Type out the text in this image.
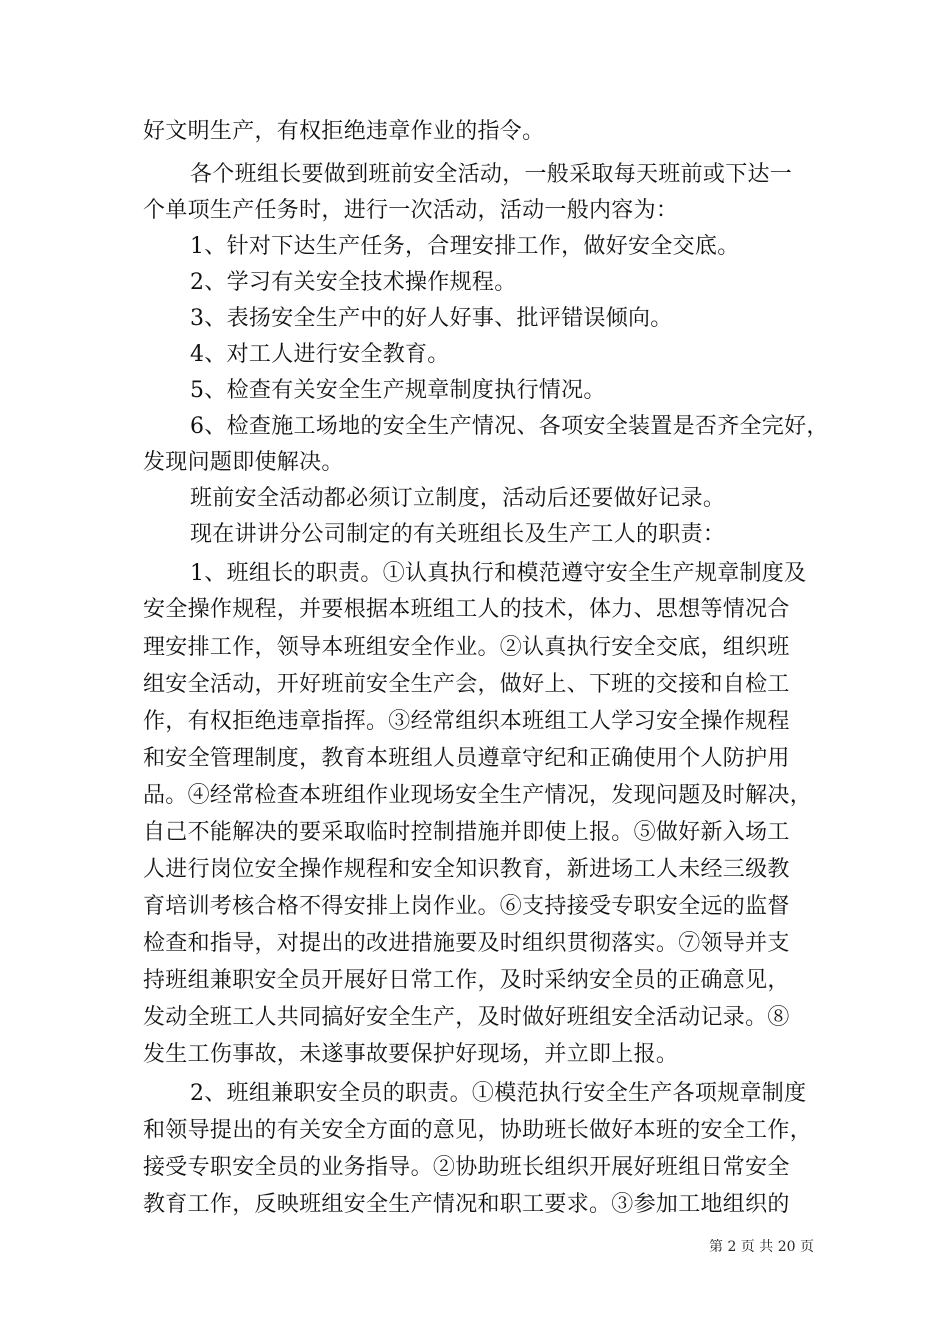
好文明生产，有权拒绝违章作业的指令。
各个班组长要做到班前安全活动，一般采取每天班前或下达一
个单项生产任务时，进行一次活动，活动一般内容为：
1、针对下达生产任务，合理安排工作，做好安全交底。
2、学习有关安全技术操作规程。
3、表扬安全生产中的好人好事、批评错误倾向。
4、对工人进行安全教育。
5、检查有关安全生产规章制度执行情况。
6、检查施工场地的安全生产情况、各项安全装置是否齐全完好，
发现问题即使解决。
班前安全活动都必须订立制度，活动后还要做好记录。
现在讲讲分公司制定的有关班组长及生产工人的职责：
1、班组长的职责。①认真执行和模范遵守安全生产规章制度及
安全操作规程，并要根据本班组工人的技术，体力、思想等情况合
理安排工作，领导本班组安全作业。②认真执行安全交底，组织班
组安全活动，开好班前安全生产会，做好上、下班的交接和自检工
作，有权拒绝违章指挥。③经常组织本班组工人学习安全操作规程
和安全管理制度，教育本班组人员遵章守纪和正确使用个人防护用
品。④经常检查本班组作业现场安全生产情况，发现问题及时解决，
自己不能解决的要采取临时控制措施并即使上报。⑤做好新入场工
人进行岗位安全操作规程和安全知识教育，新进场工人未经三级教
育培训考核合格不得安排上岗作业。⑥支持接受专职安全远的监督
检查和指导，对提出的改进措施要及时组织贯彻落实。⑦领导并支
持班组兼职安全员开展好日常工作，及时采纳安全员的正确意见，
发动全班工人共同搞好安全生产，及时做好班组安全活动记录。⑧
发生工伤事故，未遂事故要保护好现场，并立即上报。
2、班组兼职安全员的职责。①模范执行安全生产各项规章制度
和领导提出的有关安全方面的意见，协助班长做好本班的安全工作，
接受专职安全员的业务指导。②协助班长组织开展好班组日常安全
教育工作，反映班组安全生产情况和职工要求。③参加工地组织的
第 2 页 共 20 页
